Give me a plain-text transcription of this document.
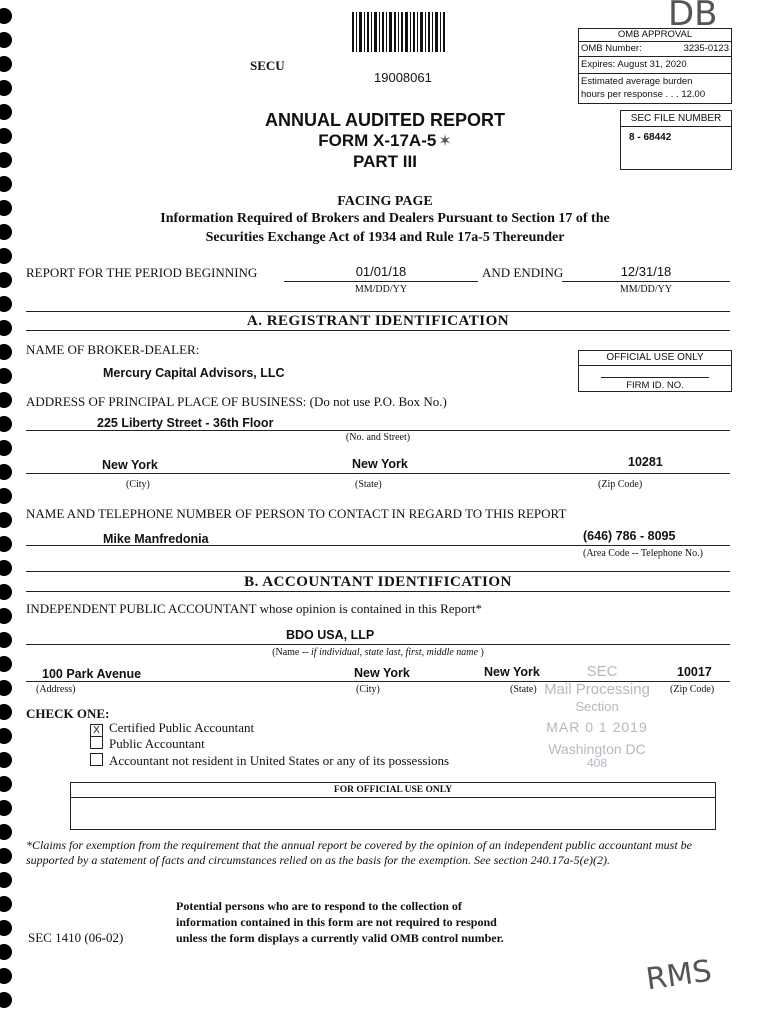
SECU
19008061
DB
OMB APPROVAL
OMB Number:	3235-0123
Expires: August 31, 2020
Estimated average burden
hours per response . . . 12.00
SEC FILE NUMBER
8 - 68442
ANNUAL AUDITED REPORT
FORM X-17A-5 ✶
PART III
FACING PAGE
Information Required of Brokers and Dealers Pursuant to Section 17 of the
Securities Exchange Act of 1934 and Rule 17a-5 Thereunder
REPORT FOR THE PERIOD BEGINNING	01/01/18
MM/DD/YY
AND ENDING	12/31/18
MM/DD/YY
A. REGISTRANT IDENTIFICATION
NAME OF BROKER-DEALER:
Mercury Capital Advisors, LLC
OFFICIAL USE ONLY
FIRM ID. NO.
ADDRESS OF PRINCIPAL PLACE OF BUSINESS: (Do not use P.O. Box No.)
225 Liberty Street - 36th Floor
(No. and Street)
New York	New York	10281
(City)	(State)	(Zip Code)
NAME AND TELEPHONE NUMBER OF PERSON TO CONTACT IN REGARD TO THIS REPORT
Mike Manfredonia	(646) 786 - 8095
(Area Code -- Telephone No.)
B. ACCOUNTANT IDENTIFICATION
INDEPENDENT PUBLIC ACCOUNTANT whose opinion is contained in this Report*
BDO USA, LLP
(Name -- if individual, state last, first, middle name )
100 Park Avenue	New York	New York	10017
(Address)	(City)	(State)	(Zip Code)
CHECK ONE:
X Certified Public Accountant
Public Accountant
Accountant not resident in United States or any of its possessions
SEC
Mail Processing
Section
MAR 0 1 2019
Washington DC
408
FOR OFFICIAL USE ONLY
*Claims for exemption from the requirement that the annual report be covered by the opinion of an independent public accountant must be supported by a statement of facts and circumstances relied on as the basis for the exemption. See section 240.17a-5(e)(2).
SEC 1410 (06-02)
Potential persons who are to respond to the collection of
information contained in this form are not required to respond
unless the form displays a currently valid OMB control number.
RMS
